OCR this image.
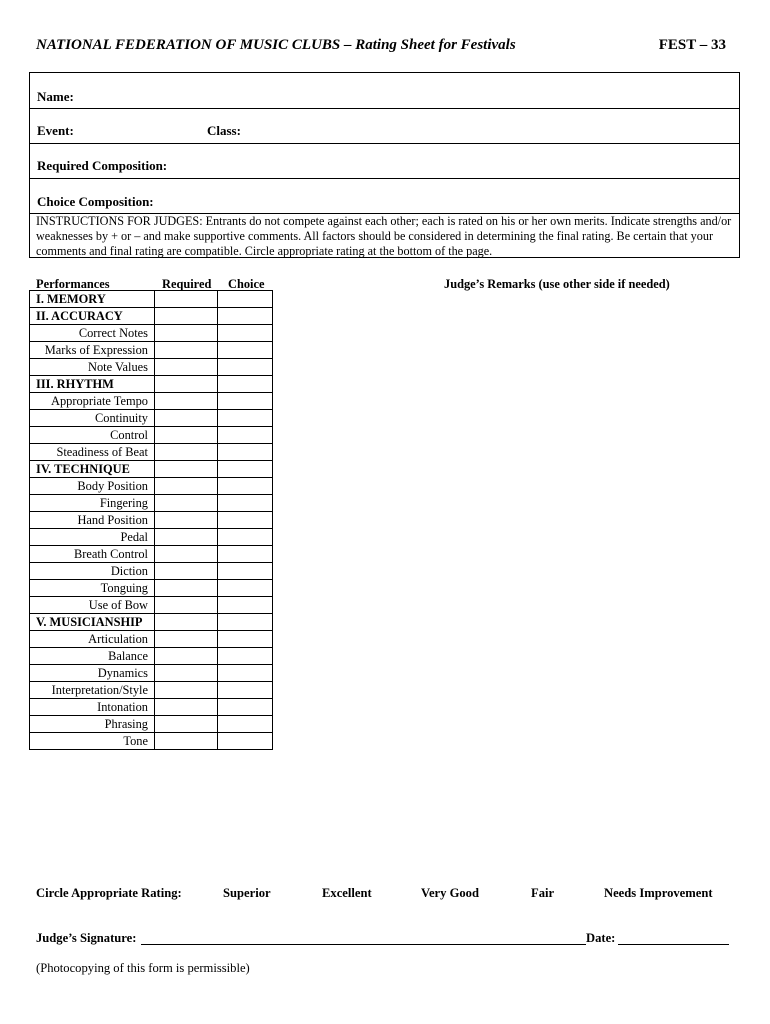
NATIONAL FEDERATION OF MUSIC CLUBS – Rating Sheet for Festivals	FEST – 33
Name:
Event:	Class:
Required Composition:
Choice Composition:
INSTRUCTIONS FOR JUDGES: Entrants do not compete against each other; each is rated on his or her own merits. Indicate strengths and/or weaknesses by + or – and make supportive comments. All factors should be considered in determining the final rating. Be certain that your comments and final rating are compatible. Circle appropriate rating at the bottom of the page.
Performances	Required Choice	Judge’s Remarks (use other side if needed)
I. MEMORY		
II. ACCURACY		
Correct Notes		
Marks of Expression		
Note Values		
III. RHYTHM		
Appropriate Tempo		
Continuity		
Control		
Steadiness of Beat		
IV. TECHNIQUE		
Body Position		
Fingering		
Hand Position		
Pedal		
Breath Control		
Diction		
Tonguing		
Use of Bow		
V. MUSICIANSHIP		
Articulation		
Balance		
Dynamics		
Interpretation/Style		
Intonation		
Phrasing		
Tone		
Circle Appropriate Rating:	Superior	Excellent	Very Good	Fair	Needs Improvement
Judge’s Signature:	Date:
(Photocopying of this form is permissible)
